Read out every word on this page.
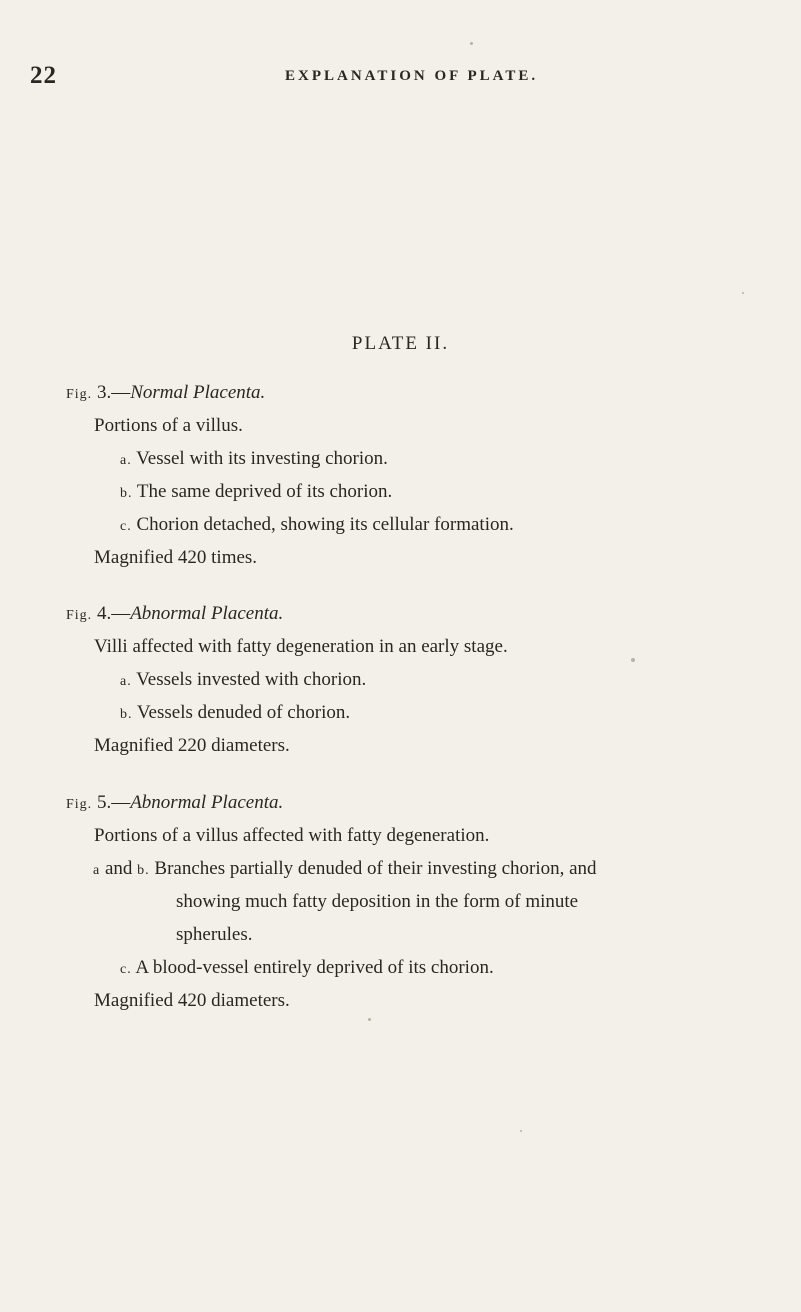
22	EXPLANATION OF PLATE.
PLATE II.
Fig. 3.—Normal Placenta.
Portions of a villus.
a. Vessel with its investing chorion.
b. The same deprived of its chorion.
c. Chorion detached, showing its cellular formation.
Magnified 420 times.
Fig. 4.—Abnormal Placenta.
Villi affected with fatty degeneration in an early stage.
a. Vessels invested with chorion.
b. Vessels denuded of chorion.
Magnified 220 diameters.
Fig. 5.—Abnormal Placenta.
Portions of a villus affected with fatty degeneration.
a and b. Branches partially denuded of their investing chorion, and
showing much fatty deposition in the form of minute
spherules.
c. A blood-vessel entirely deprived of its chorion.
Magnified 420 diameters.
